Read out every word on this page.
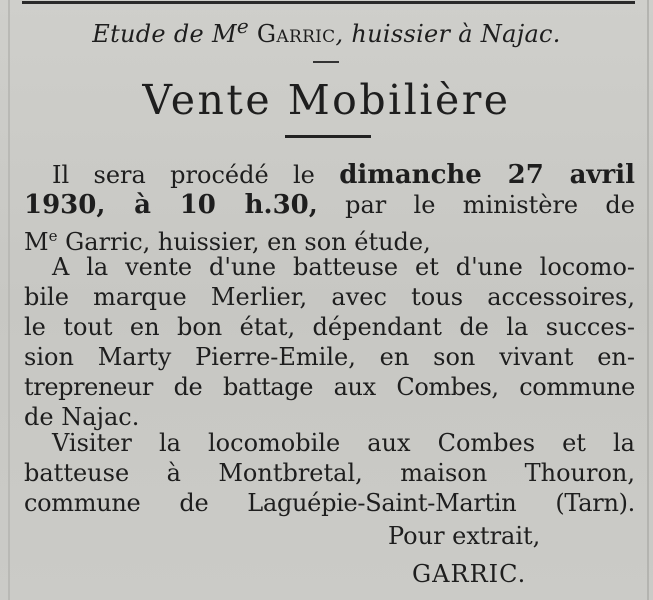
Etude de Me Garric, huissier à Najac.
Vente Mobilière
Il sera procédé le dimanche 27 avril
1930, à 10 h.30, par le ministère de
Me Garric, huissier, en son étude,
A la vente d'une batteuse et d'une locomo-
bile marque Merlier, avec tous accessoires,
le tout en bon état, dépendant de la succes-
sion Marty Pierre-Emile, en son vivant en-
trepreneur de battage aux Combes, commune
de Najac.
Visiter la locomobile aux Combes et la
batteuse à Montbretal, maison Thouron,
commune de Laguépie-Saint-Martin (Tarn).
Pour extrait,
GARRIC.
